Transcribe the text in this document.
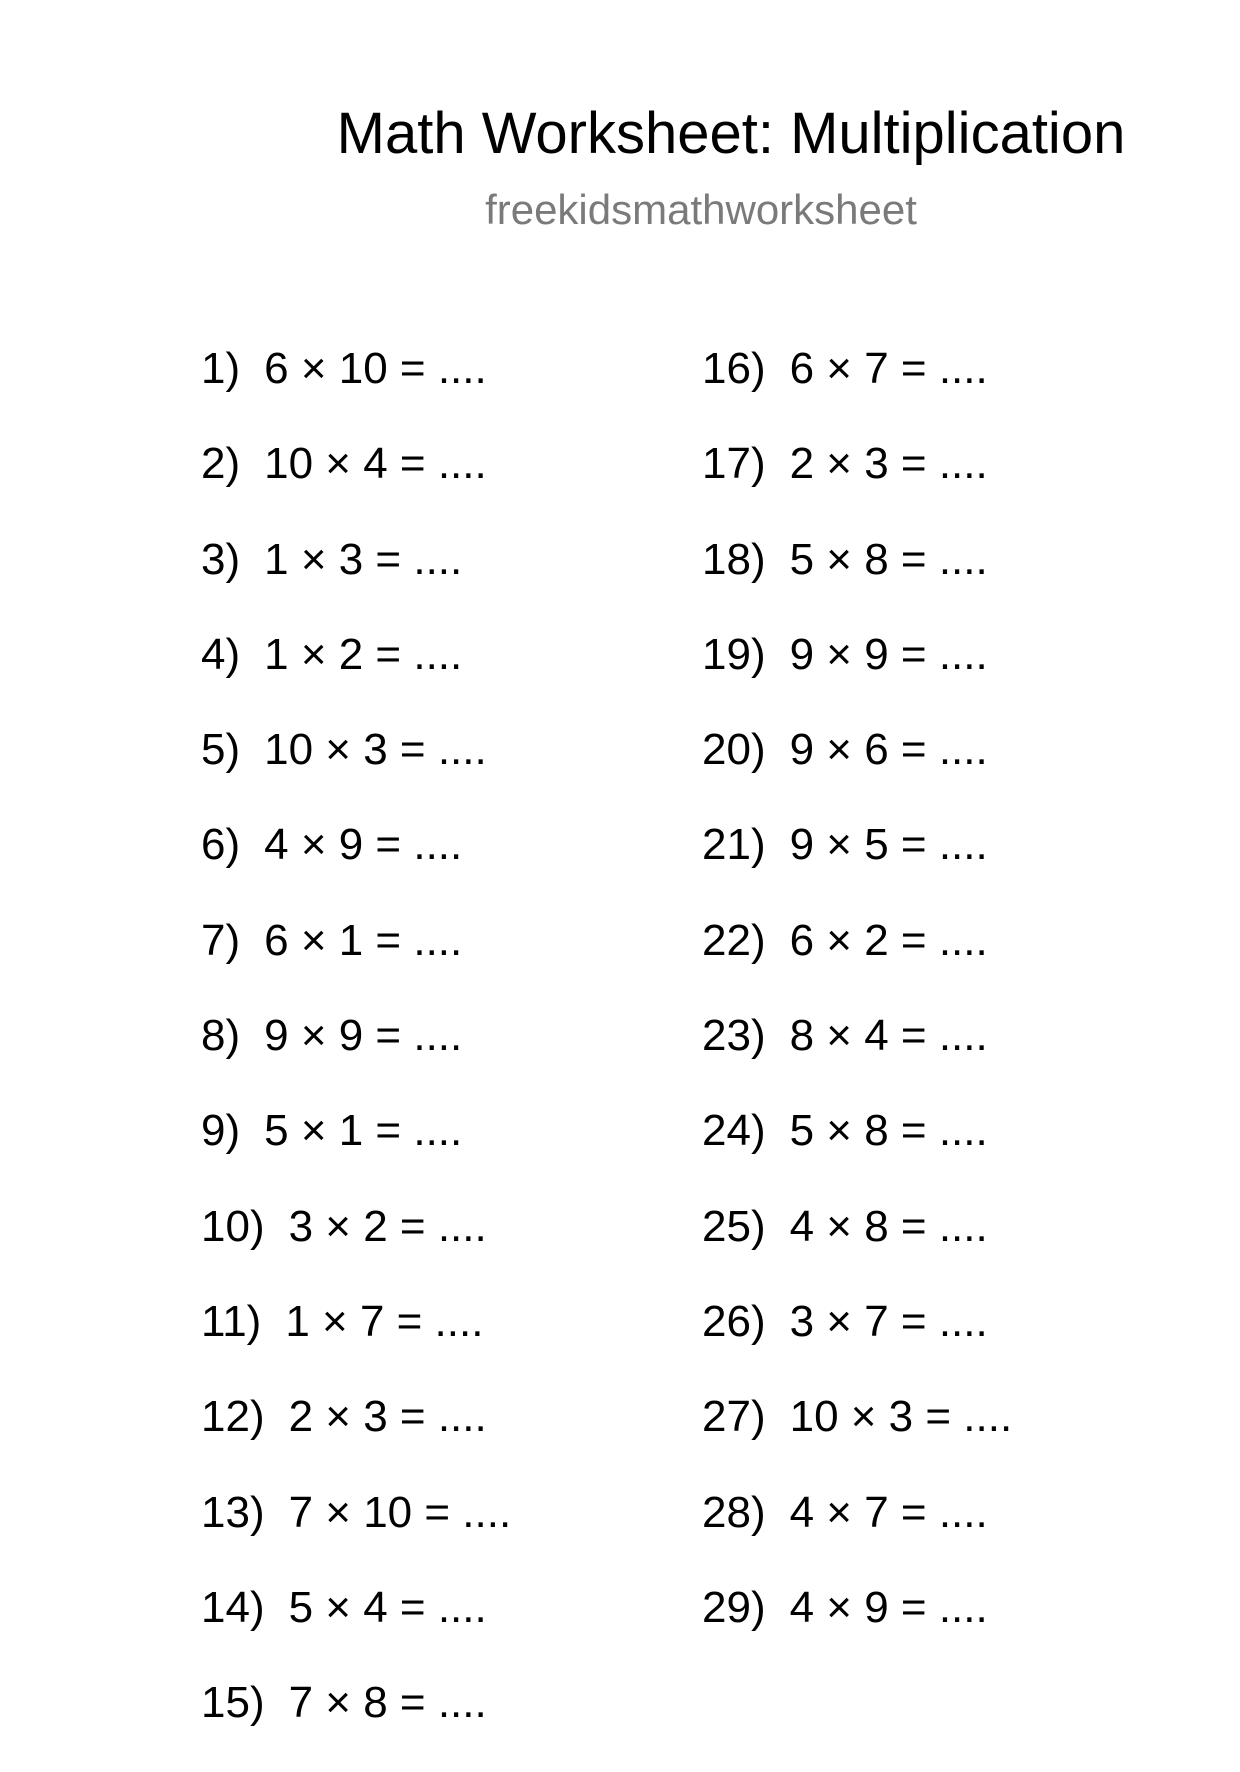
Math Worksheet: Multiplication
freekidsmathworksheet
1) 6 × 10 = ....
2) 10 × 4 = ....
3) 1 × 3 = ....
4) 1 × 2 = ....
5) 10 × 3 = ....
6) 4 × 9 = ....
7) 6 × 1 = ....
8) 9 × 9 = ....
9) 5 × 1 = ....
10) 3 × 2 = ....
11) 1 × 7 = ....
12) 2 × 3 = ....
13) 7 × 10 = ....
14) 5 × 4 = ....
15) 7 × 8 = ....
16) 6 × 7 = ....
17) 2 × 3 = ....
18) 5 × 8 = ....
19) 9 × 9 = ....
20) 9 × 6 = ....
21) 9 × 5 = ....
22) 6 × 2 = ....
23) 8 × 4 = ....
24) 5 × 8 = ....
25) 4 × 8 = ....
26) 3 × 7 = ....
27) 10 × 3 = ....
28) 4 × 7 = ....
29) 4 × 9 = ....
